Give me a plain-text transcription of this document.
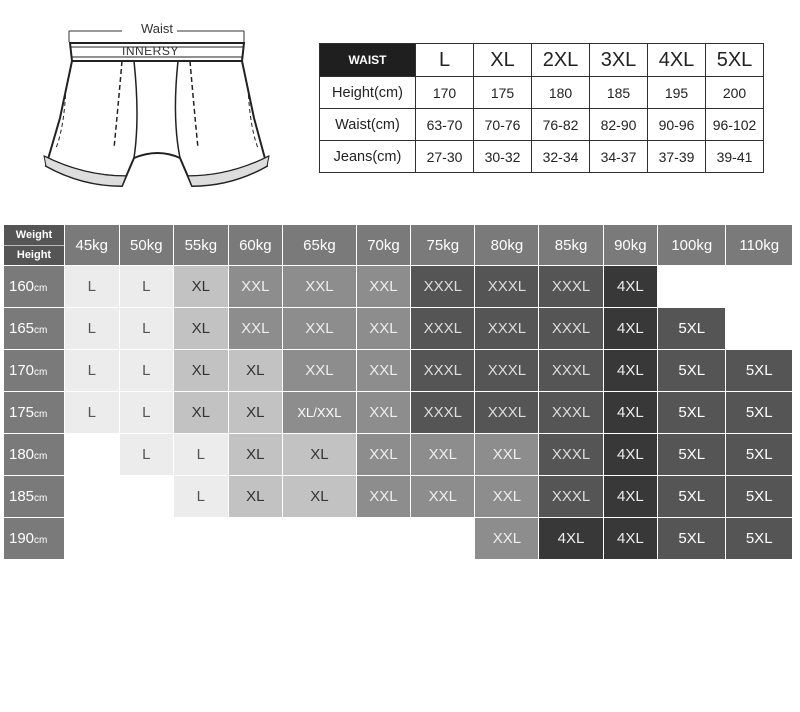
INNERSY
Waist
WAIST	L	XL	2XL	3XL	4XL	5XL
Height(cm)	170	175	180	185	195	200
Waist(cm)	63-70	70-76	76-82	82-90	90-96	96-102
Jeans(cm)	27-30	30-32	32-34	34-37	37-39	39-41
Weight
Height	45kg	50kg	55kg	60kg	65kg	70kg	75kg	80kg	85kg	90kg	100kg	110kg
160cm	L	L	XL	XXL	XXL	XXL	XXXL	XXXL	XXXL	4XL		
165cm	L	L	XL	XXL	XXL	XXL	XXXL	XXXL	XXXL	4XL	5XL	
170cm	L	L	XL	XL	XXL	XXL	XXXL	XXXL	XXXL	4XL	5XL	5XL
175cm	L	L	XL	XL	XL/XXL	XXL	XXXL	XXXL	XXXL	4XL	5XL	5XL
180cm		L	L	XL	XL	XXL	XXL	XXL	XXXL	4XL	5XL	5XL
185cm			L	XL	XL	XXL	XXL	XXL	XXXL	4XL	5XL	5XL
190cm								XXL	4XL	4XL	5XL	5XL
